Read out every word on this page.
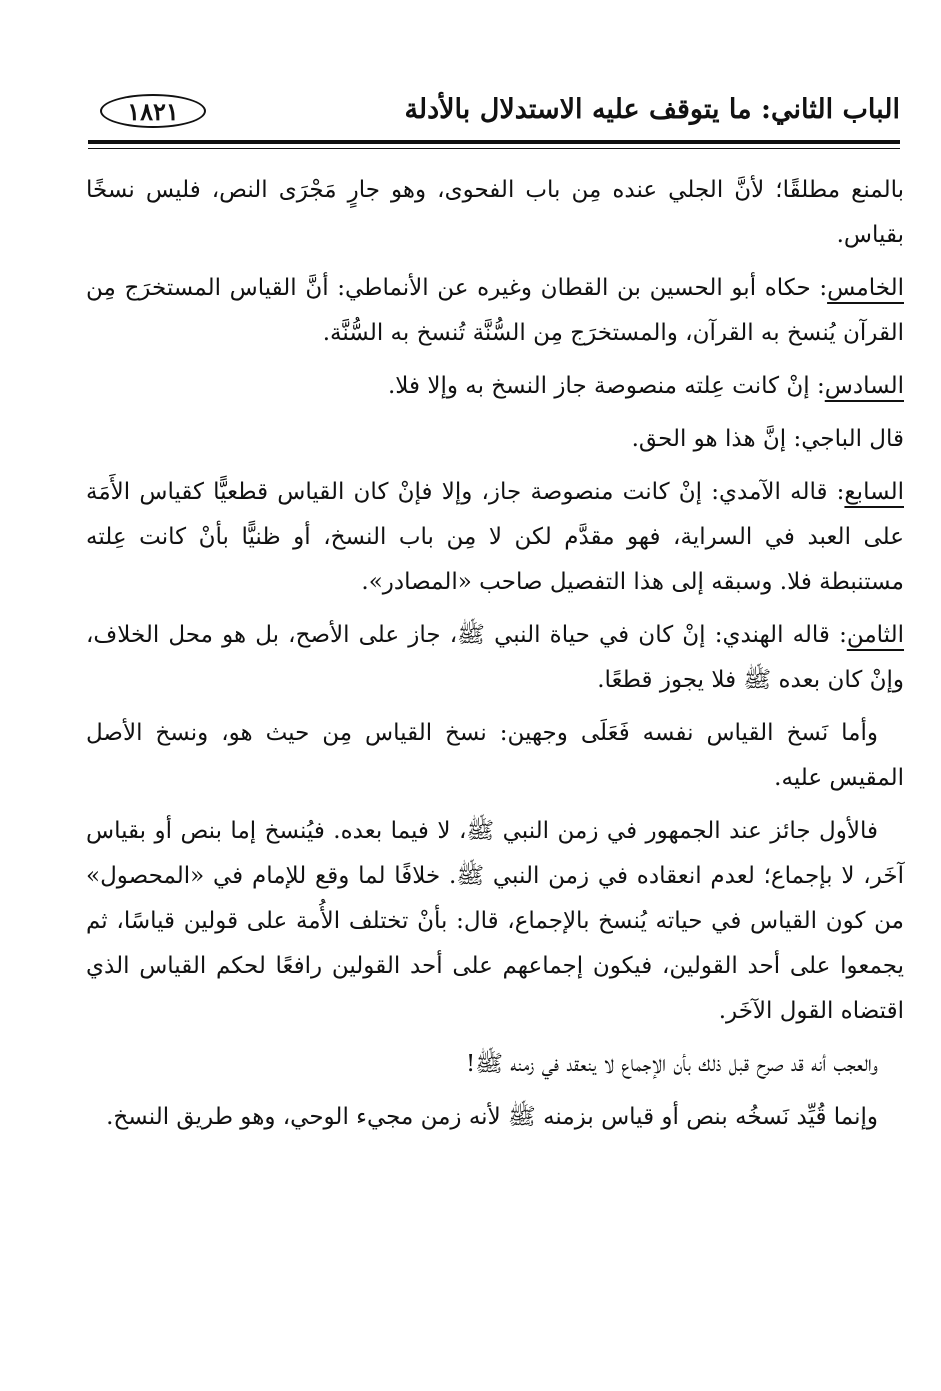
الباب الثاني: ما يتوقف عليه الاستدلال بالأدلة
١٨٢١

بالمنع مطلقًا؛ لأنَّ الجلي عنده مِن باب الفحوى، وهو جارٍ مَجْرَى النص، فليس نسخًا بقياس.

الخامس: حكاه أبو الحسين بن القطان وغيره عن الأنماطي: أنَّ القياس المستخرَج مِن القرآن يُنسخ به القرآن، والمستخرَج مِن السُّنَّة تُنسخ به السُّنَّة.

السادس: إنْ كانت عِلته منصوصة جاز النسخ به وإلا فلا.

قال الباجي: إنَّ هذا هو الحق.

السابع: قاله الآمدي: إنْ كانت منصوصة جاز، وإلا فإنْ كان القياس قطعيًّا كقياس الأَمَة على العبد في السراية، فهو مقدَّم لكن لا مِن باب النسخ، أو ظنيًّا بأنْ كانت عِلته مستنبطة فلا. وسبقه إلى هذا التفصيل صاحب «المصادر».

الثامن: قاله الهندي: إنْ كان في حياة النبي ﷺ، جاز على الأصح، بل هو محل الخلاف، وإنْ كان بعده ﷺ فلا يجوز قطعًا.

وأما نَسخ القياس نفسه فَعَلَى وجهين: نسخ القياس مِن حيث هو، ونسخ الأصل المقيس عليه.

فالأول جائز عند الجمهور في زمن النبي ﷺ، لا فيما بعده. فيُنسخ إما بنص أو بقياس آخَر، لا بإجماع؛ لعدم انعقاده في زمن النبي ﷺ. خلافًا لما وقع للإمام في «المحصول» من كون القياس في حياته يُنسخ بالإجماع، قال: بأنْ تختلف الأُمة على قولين قياسًا، ثم يجمعوا على أحد القولين، فيكون إجماعهم على أحد القولين رافعًا لحكم القياس الذي اقتضاه القول الآخَر.

والعجب أنه قد صرح قبل ذلك بأن الإجماع لا ينعقد في زمنه ﷺ!

وإنما قُيِّد نَسخُه بنص أو قياس بزمنه ﷺ لأنه زمن مجيء الوحي، وهو طريق النسخ.
